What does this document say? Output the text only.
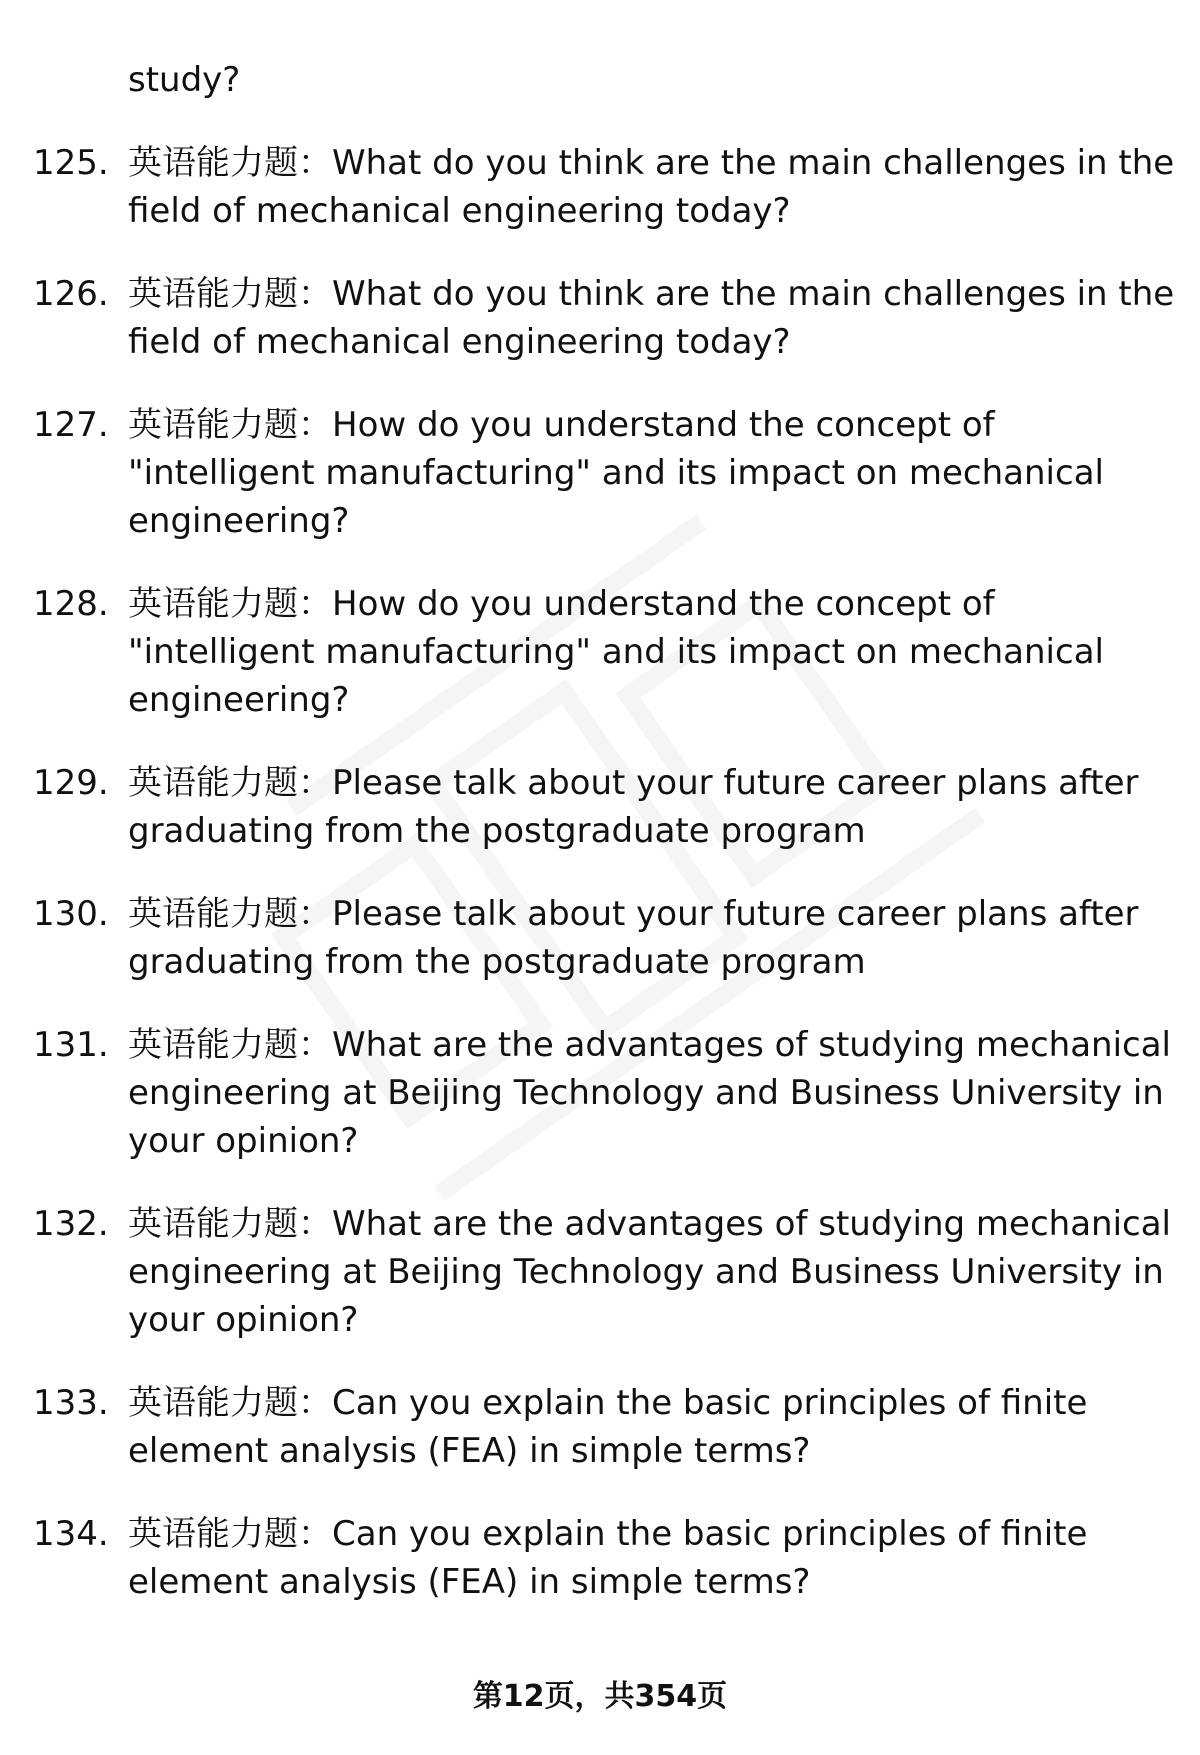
study?
125. 英语能力题：What do you think are the main challenges in the field of mechanical engineering today?
126. 英语能力题：What do you think are the main challenges in the field of mechanical engineering today?
127. 英语能力题：How do you understand the concept of "intelligent manufacturing" and its impact on mechanical engineering?
128. 英语能力题：How do you understand the concept of "intelligent manufacturing" and its impact on mechanical engineering?
129. 英语能力题：Please talk about your future career plans after graduating from the postgraduate program
130. 英语能力题：Please talk about your future career plans after graduating from the postgraduate program
131. 英语能力题：What are the advantages of studying mechanical engineering at Beijing Technology and Business University in your opinion?
132. 英语能力题：What are the advantages of studying mechanical engineering at Beijing Technology and Business University in your opinion?
133. 英语能力题：Can you explain the basic principles of finite element analysis (FEA) in simple terms?
134. 英语能力题：Can you explain the basic principles of finite element analysis (FEA) in simple terms?
第12页，共354页
